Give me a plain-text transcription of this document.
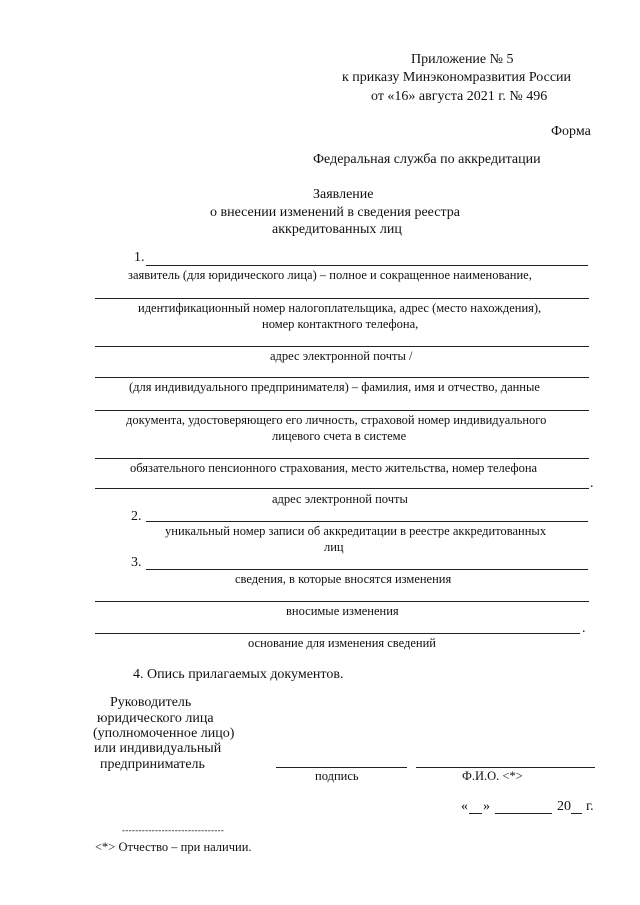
Приложение № 5
к приказу Минэкономразвития России
от «16» августа 2021 г. № 496
Форма
Федеральная служба по аккредитации
Заявление
о внесении изменений в сведения реестра
аккредитованных лиц
1.
заявитель (для юридического лица) – полное и сокращенное наименование,
идентификационный номер налогоплательщика, адрес (место нахождения),
номер контактного телефона,
адрес электронной почты /
(для индивидуального предпринимателя) – фамилия, имя и отчество, данные
документа, удостоверяющего его личность, страховой номер индивидуального
лицевого счета в системе
обязательного пенсионного страхования, место жительства, номер телефона
.
адрес электронной почты
2.
уникальный номер записи об аккредитации в реестре аккредитованных
лиц
3.
сведения, в которые вносятся изменения
вносимые изменения
.
основание для изменения сведений
4. Опись прилагаемых документов.
Руководитель
юридического лица
(уполномоченное лицо)
или индивидуальный
предприниматель
подпись	Ф.И.О. <*>
« »	20 г.
-------------------------------
<*> Отчество – при наличии.
